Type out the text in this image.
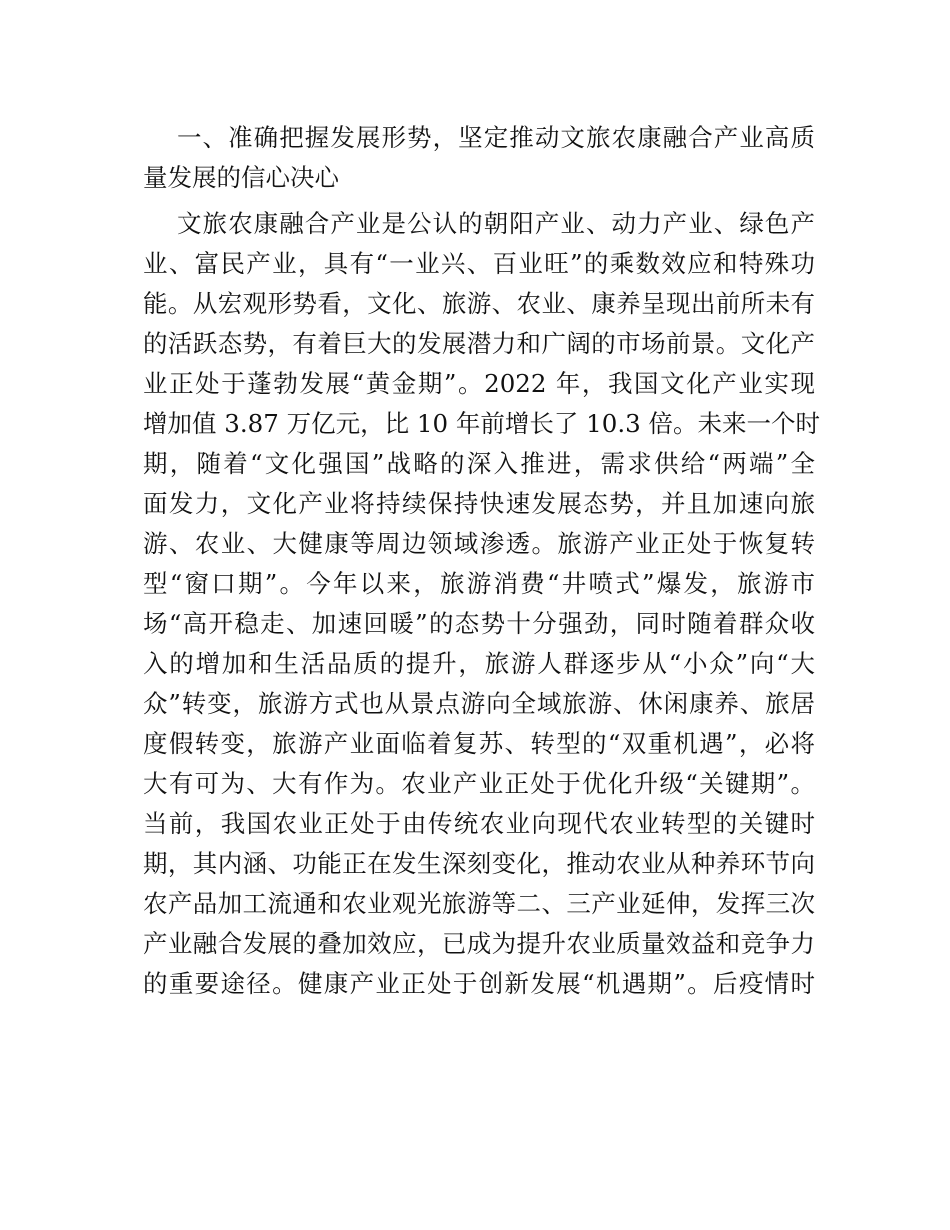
一、准确把握发展形势，坚定推动文旅农康融合产业高质
量发展的信心决心
文旅农康融合产业是公认的朝阳产业、动力产业、绿色产
业、富民产业，具有“一业兴、百业旺”的乘数效应和特殊功
能。从宏观形势看，文化、旅游、农业、康养呈现出前所未有
的活跃态势，有着巨大的发展潜力和广阔的市场前景。文化产
业正处于蓬勃发展“黄金期”。2022 年，我国文化产业实现
增加值 3.87 万亿元，比 10 年前增长了 10.3 倍。未来一个时
期，随着“文化强国”战略的深入推进，需求供给“两端”全
面发力，文化产业将持续保持快速发展态势，并且加速向旅
游、农业、大健康等周边领域渗透。旅游产业正处于恢复转
型“窗口期”。今年以来，旅游消费“井喷式”爆发，旅游市
场“高开稳走、加速回暖”的态势十分强劲，同时随着群众收
入的增加和生活品质的提升，旅游人群逐步从“小众”向“大
众”转变，旅游方式也从景点游向全域旅游、休闲康养、旅居
度假转变，旅游产业面临着复苏、转型的“双重机遇”，必将
大有可为、大有作为。农业产业正处于优化升级“关键期”。
当前，我国农业正处于由传统农业向现代农业转型的关键时
期，其内涵、功能正在发生深刻变化，推动农业从种养环节向
农产品加工流通和农业观光旅游等二、三产业延伸，发挥三次
产业融合发展的叠加效应，已成为提升农业质量效益和竞争力
的重要途径。健康产业正处于创新发展“机遇期”。后疫情时
